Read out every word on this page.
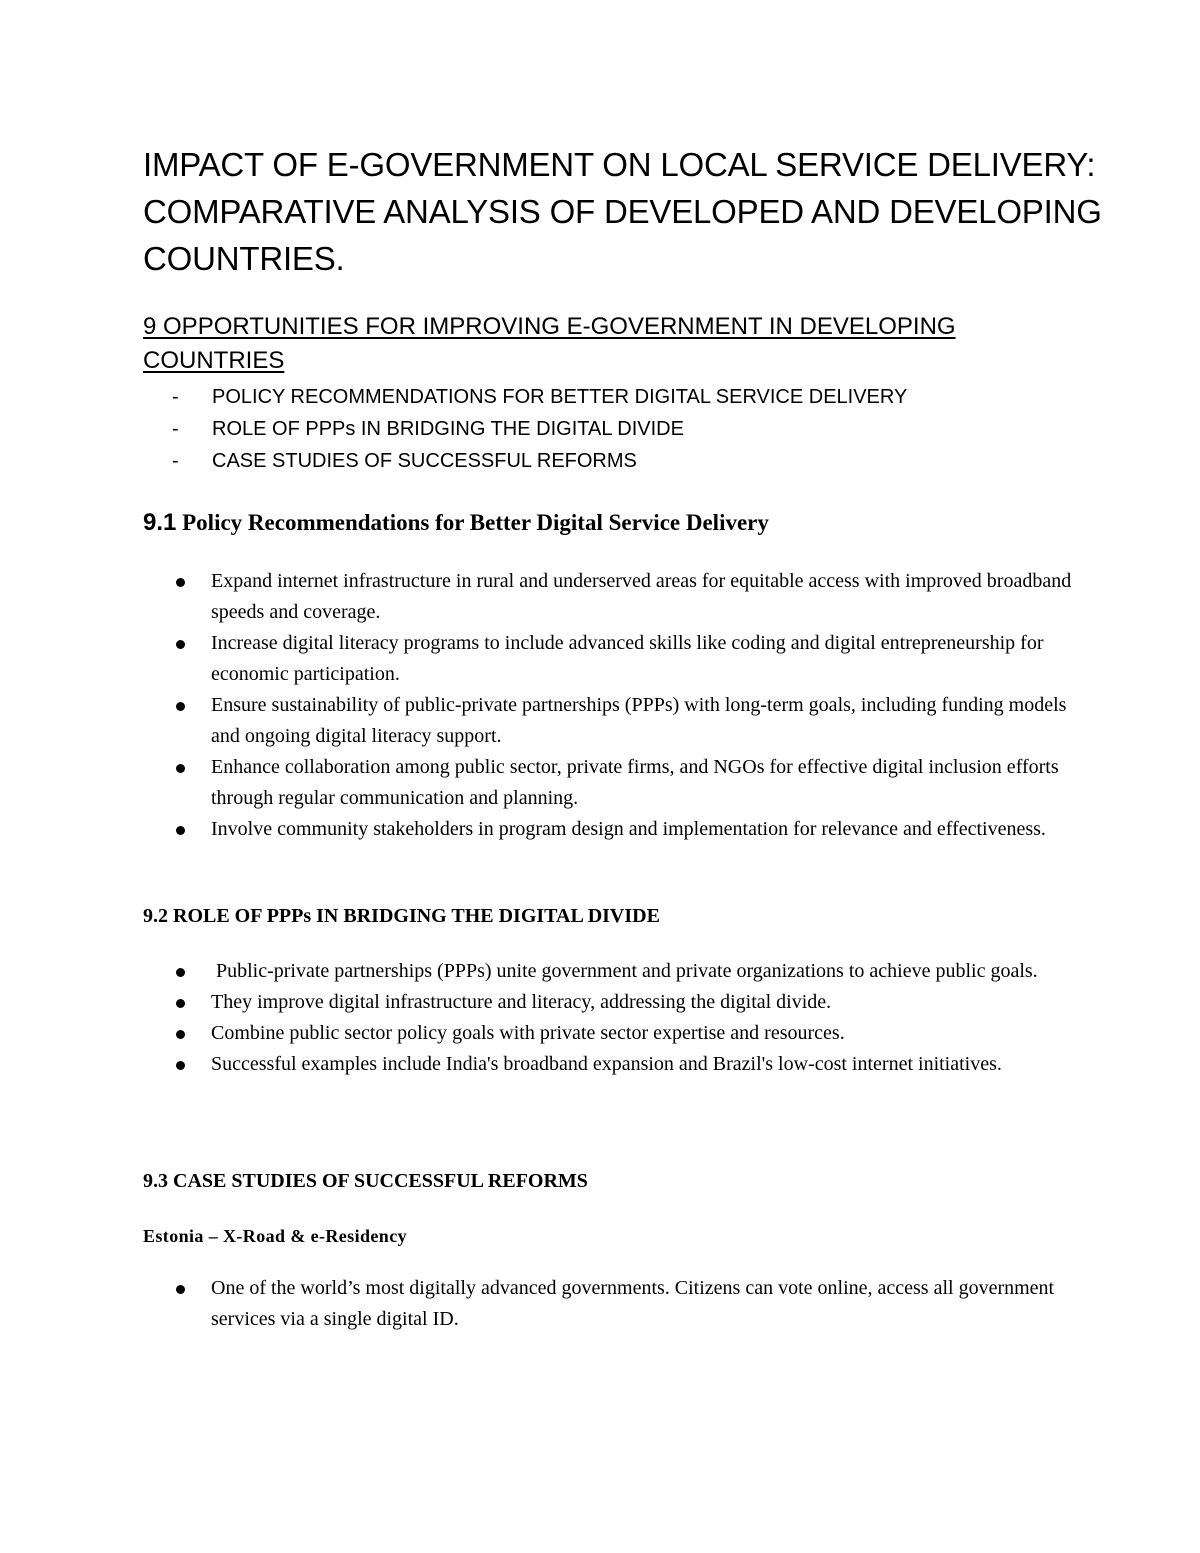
IMPACT OF E-GOVERNMENT ON LOCAL SERVICE DELIVERY: COMPARATIVE ANALYSIS OF DEVELOPED AND DEVELOPING COUNTRIES.
9 OPPORTUNITIES FOR IMPROVING E-GOVERNMENT IN DEVELOPING COUNTRIES
- POLICY RECOMMENDATIONS FOR BETTER DIGITAL SERVICE DELIVERY
- ROLE OF PPPs IN BRIDGING THE DIGITAL DIVIDE
- CASE STUDIES OF SUCCESSFUL REFORMS
9.1 Policy Recommendations for Better Digital Service Delivery
Expand internet infrastructure in rural and underserved areas for equitable access with improved broadband speeds and coverage.
Increase digital literacy programs to include advanced skills like coding and digital entrepreneurship for economic participation.
Ensure sustainability of public-private partnerships (PPPs) with long-term goals, including funding models and ongoing digital literacy support.
Enhance collaboration among public sector, private firms, and NGOs for effective digital inclusion efforts through regular communication and planning.
Involve community stakeholders in program design and implementation for relevance and effectiveness.
9.2 ROLE OF PPPs IN BRIDGING THE DIGITAL DIVIDE
Public-private partnerships (PPPs) unite government and private organizations to achieve public goals.
They improve digital infrastructure and literacy, addressing the digital divide.
Combine public sector policy goals with private sector expertise and resources.
Successful examples include India's broadband expansion and Brazil's low-cost internet initiatives.
9.3 CASE STUDIES OF SUCCESSFUL REFORMS
Estonia – X-Road & e-Residency
One of the world’s most digitally advanced governments. Citizens can vote online, access all government services via a single digital ID.
